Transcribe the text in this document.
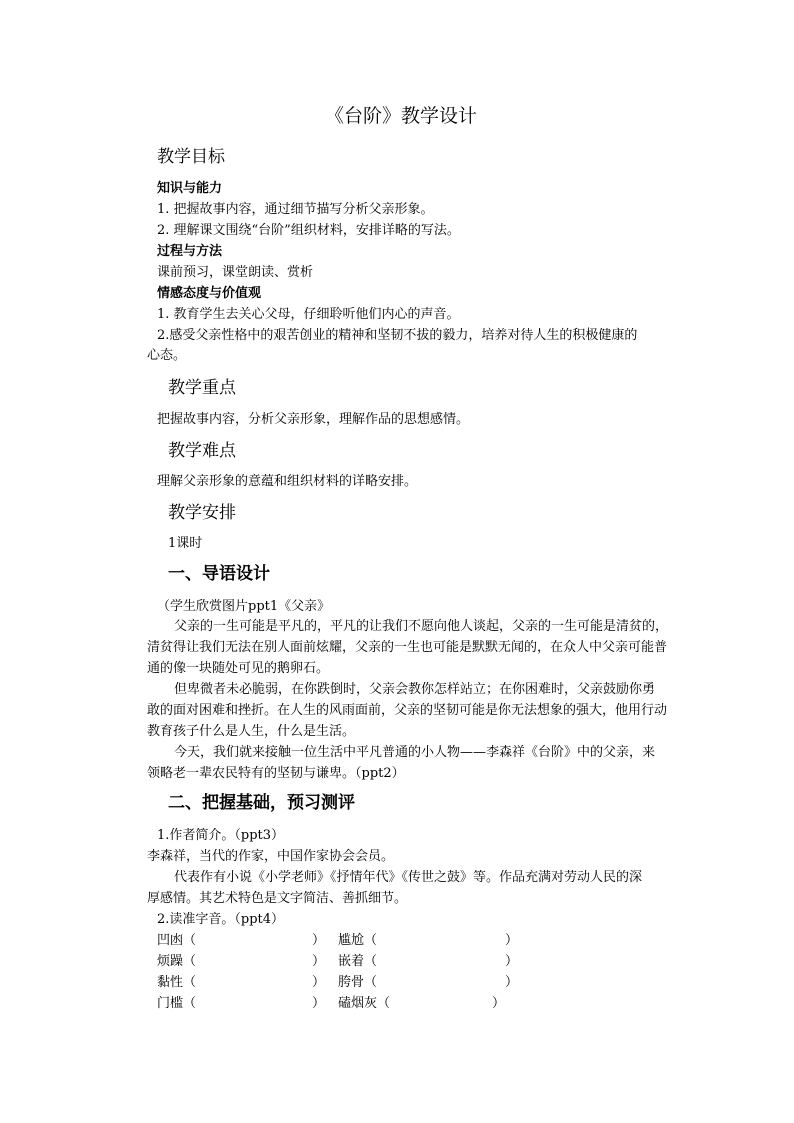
《台阶》教学设计
教学目标
知识与能力
1. 把握故事内容，通过细节描写分析父亲形象。
2. 理解课文围绕“台阶”组织材料，安排详略的写法。
过程与方法
课前预习，课堂朗读、赏析
情感态度与价值观
1. 教育学生去关心父母，仔细聆听他们内心的声音。
2.感受父亲性格中的艰苦创业的精神和坚韧不拔的毅力，培养对待人生的积极健康的
心态。
教学重点
把握故事内容，分析父亲形象，理解作品的思想感情。
教学难点
理解父亲形象的意蕴和组织材料的详略安排。
教学安排
1课时
一、导语设计
（学生欣赏图片ppt1《父亲》
父亲的一生可能是平凡的，平凡的让我们不愿向他人谈起，父亲的一生可能是清贫的，
清贫得让我们无法在别人面前炫耀，父亲的一生也可能是默默无闻的，在众人中父亲可能普
通的像一块随处可见的鹅卵石。
但卑微者未必脆弱，在你跌倒时，父亲会教你怎样站立；在你困难时，父亲鼓励你勇
敢的面对困难和挫折。在人生的风雨面前，父亲的坚韧可能是你无法想象的强大，他用行动
教育孩子什么是人生，什么是生活。
今天，我们就来接触一位生活中平凡普通的小人物——李森祥《台阶》中的父亲，来
领略老一辈农民特有的坚韧与谦卑。（ppt2）
二、把握基础，预习测评
1.作者简介。（ppt3）
李森祥，当代的作家，中国作家协会会员。
代表作有小说《小学老师》《抒情年代》《传世之鼓》等。作品充满对劳动人民的深
厚感情。其艺术特色是文字简洁、善抓细节。
2.读准字音。（ppt4）
凹凼（	） 尴尬（	）
烦躁（	） 嵌着（	）
黏性（	） 胯骨（	）
门槛（	） 磕烟灰（	）
